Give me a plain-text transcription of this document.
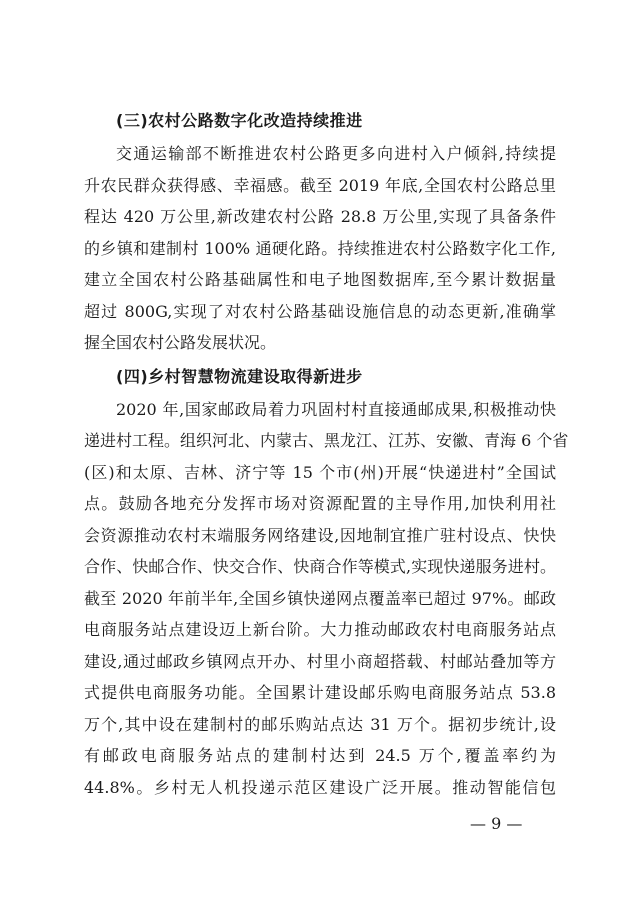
(三)农村公路数字化改造持续推进
交通运输部不断推进农村公路更多向进村入户倾斜,持续提
升农民群众获得感、幸福感。截至 2019 年底,全国农村公路总里
程达 420 万公里,新改建农村公路 28.8 万公里,实现了具备条件
的乡镇和建制村 100% 通硬化路。持续推进农村公路数字化工作,
建立全国农村公路基础属性和电子地图数据库,至今累计数据量
超过 800G,实现了对农村公路基础设施信息的动态更新,准确掌
握全国农村公路发展状况。
(四)乡村智慧物流建设取得新进步
2020 年,国家邮政局着力巩固村村直接通邮成果,积极推动快
递进村工程。组织河北、内蒙古、黑龙江、江苏、安徽、青海 6 个省
(区)和太原、吉林、济宁等 15 个市(州)开展“快递进村”全国试
点。鼓励各地充分发挥市场对资源配置的主导作用,加快利用社
会资源推动农村末端服务网络建设,因地制宜推广驻村设点、快快
合作、快邮合作、快交合作、快商合作等模式,实现快递服务进村。
截至 2020 年前半年,全国乡镇快递网点覆盖率已超过 97%。邮政
电商服务站点建设迈上新台阶。大力推动邮政农村电商服务站点
建设,通过邮政乡镇网点开办、村里小商超搭载、村邮站叠加等方
式提供电商服务功能。全国累计建设邮乐购电商服务站点 53.8
万个,其中设在建制村的邮乐购站点达 31 万个。据初步统计,设
有邮政电商服务站点的建制村达到 24.5 万个,覆盖率约为
44.8%。乡村无人机投递示范区建设广泛开展。推动智能信包
— 9 —
